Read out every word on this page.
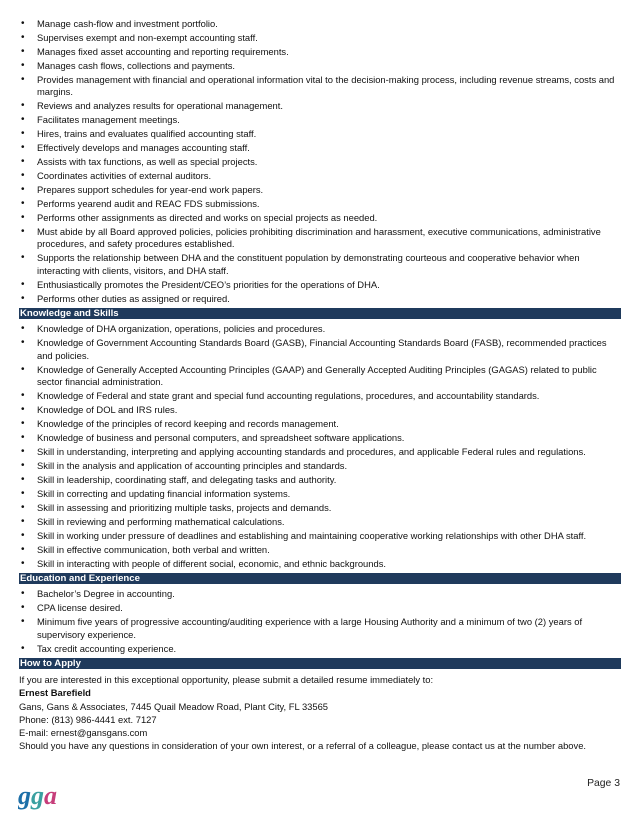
• Manage cash-flow and investment portfolio.
• Supervises exempt and non-exempt accounting staff.
• Manages fixed asset accounting and reporting requirements.
• Manages cash flows, collections and payments.
• Provides management with financial and operational information vital to the decision-making process, including revenue streams, costs and margins.
• Reviews and analyzes results for operational management.
• Facilitates management meetings.
• Hires, trains and evaluates qualified accounting staff.
• Effectively develops and manages accounting staff.
• Assists with tax functions, as well as special projects.
• Coordinates activities of external auditors.
• Prepares support schedules for year-end work papers.
• Performs yearend audit and REAC FDS submissions.
• Performs other assignments as directed and works on special projects as needed.
• Must abide by all Board approved policies, policies prohibiting discrimination and harassment, executive communications, administrative procedures, and safety procedures established.
• Supports the relationship between DHA and the constituent population by demonstrating courteous and cooperative behavior when interacting with clients, visitors, and DHA staff.
• Enthusiastically promotes the President/CEO’s priorities for the operations of DHA.
• Performs other duties as assigned or required.
Knowledge and Skills
• Knowledge of DHA organization, operations, policies and procedures.
• Knowledge of Government Accounting Standards Board (GASB), Financial Accounting Standards Board (FASB), recommended practices and policies.
• Knowledge of Generally Accepted Accounting Principles (GAAP) and Generally Accepted Auditing Principles (GAGAS) related to public sector financial administration.
• Knowledge of Federal and state grant and special fund accounting regulations, procedures, and accountability standards.
• Knowledge of DOL and IRS rules.
• Knowledge of the principles of record keeping and records management.
• Knowledge of business and personal computers, and spreadsheet software applications.
• Skill in understanding, interpreting and applying accounting standards and procedures, and applicable Federal rules and regulations.
• Skill in the analysis and application of accounting principles and standards.
• Skill in leadership, coordinating staff, and delegating tasks and authority.
• Skill in correcting and updating financial information systems.
• Skill in assessing and prioritizing multiple tasks, projects and demands.
• Skill in reviewing and performing mathematical calculations.
• Skill in working under pressure of deadlines and establishing and maintaining cooperative working relationships with other DHA staff.
• Skill in effective communication, both verbal and written.
• Skill in interacting with people of different social, economic, and ethnic backgrounds.
Education and Experience
• Bachelor’s Degree in accounting.
• CPA license desired.
• Minimum five years of progressive accounting/auditing experience with a large Housing Authority and a minimum of two (2) years of supervisory experience.
• Tax credit accounting experience.
How to Apply

If you are interested in this exceptional opportunity, please submit a detailed resume immediately to:

Ernest Barefield

Gans, Gans & Associates, 7445 Quail Meadow Road, Plant City, FL 33565

Phone: (813) 986-4441 ext. 7127

E-mail: ernest@gansgans.com

Should you have any questions in consideration of your own interest, or a referral of a colleague, please contact us at the number above.

gga	Page 3
